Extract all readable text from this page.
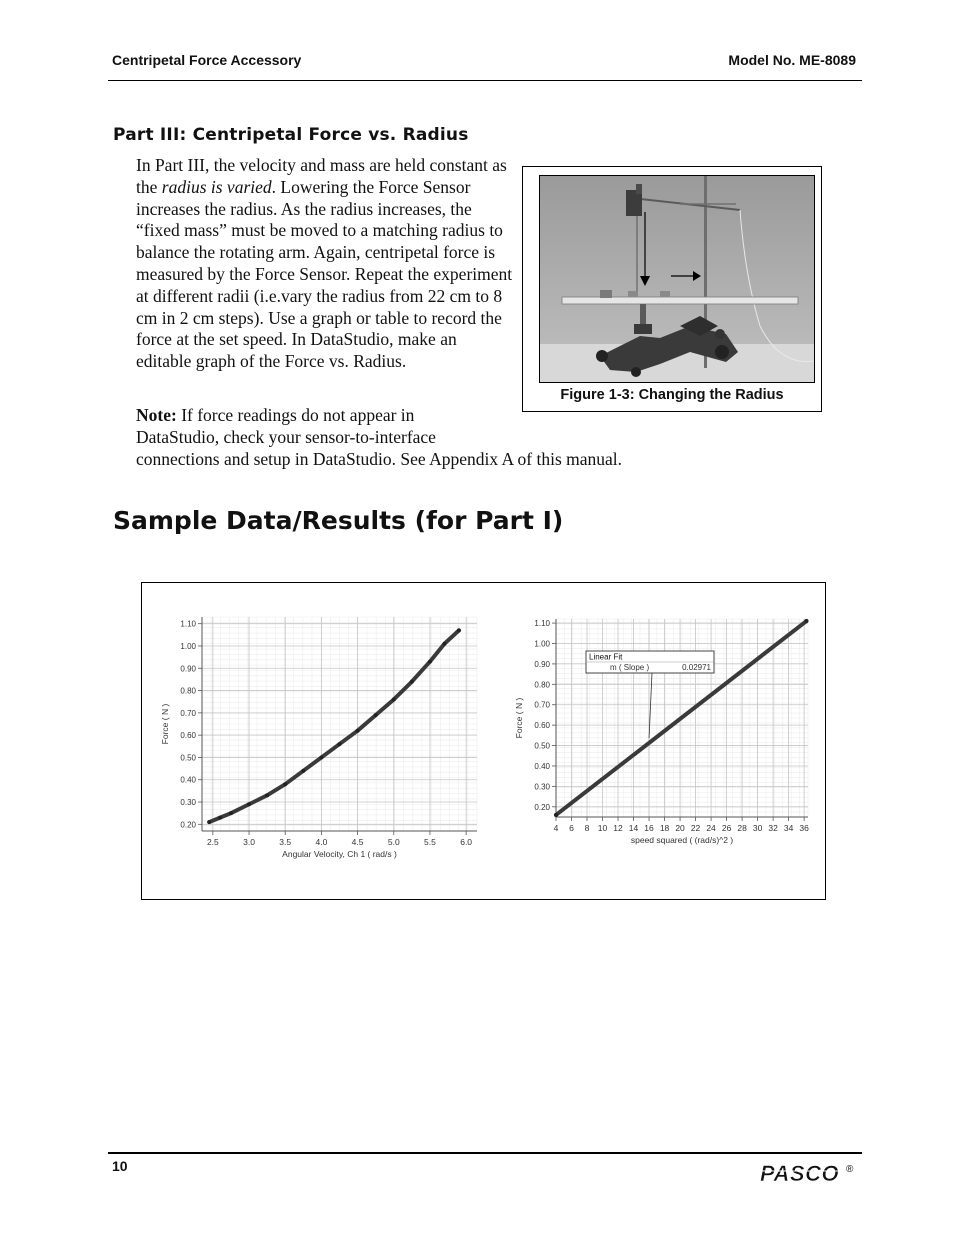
Centripetal Force Accessory	Model No. ME-8089
Part III: Centripetal Force vs. Radius
In Part III, the velocity and mass are held constant as the radius is varied. Lowering the Force Sensor increases the radius. As the radius increases, the “fixed mass” must be moved to a matching radius to balance the rotating arm. Again, centripetal force is measured by the Force Sensor. Repeat the experiment at different radii (i.e.vary the radius from 22 cm to 8 cm in 2 cm steps). Use a graph or table to record the force at the set speed. In DataStudio, make an editable graph of the Force vs. Radius.
Note: If force readings do not appear in DataStudio, check your sensor-to-interface
connections and setup in DataStudio. See Appendix A of this manual.
Figure 1-3: Changing the Radius
Sample Data/Results (for Part I)
2.5	3.0	3.5	4.0	4.5	5.0	5.5	6.0
0.20
0.30
0.40
0.50
0.60
0.70
0.80
0.90
1.00
1.10
Angular Velocity, Ch 1 ( rad/s )
Force ( N )
4 6 8 10 12 14 16 18 20 22 24 26 28 30 32 34 36
0.20
0.30
0.40
0.50
0.60
0.70
0.80
0.90
1.00
1.10
speed squared ( (rad/s)^2 )
Force ( N )
Linear Fit
m ( Slope )	0.02971
10	PASCO ®
